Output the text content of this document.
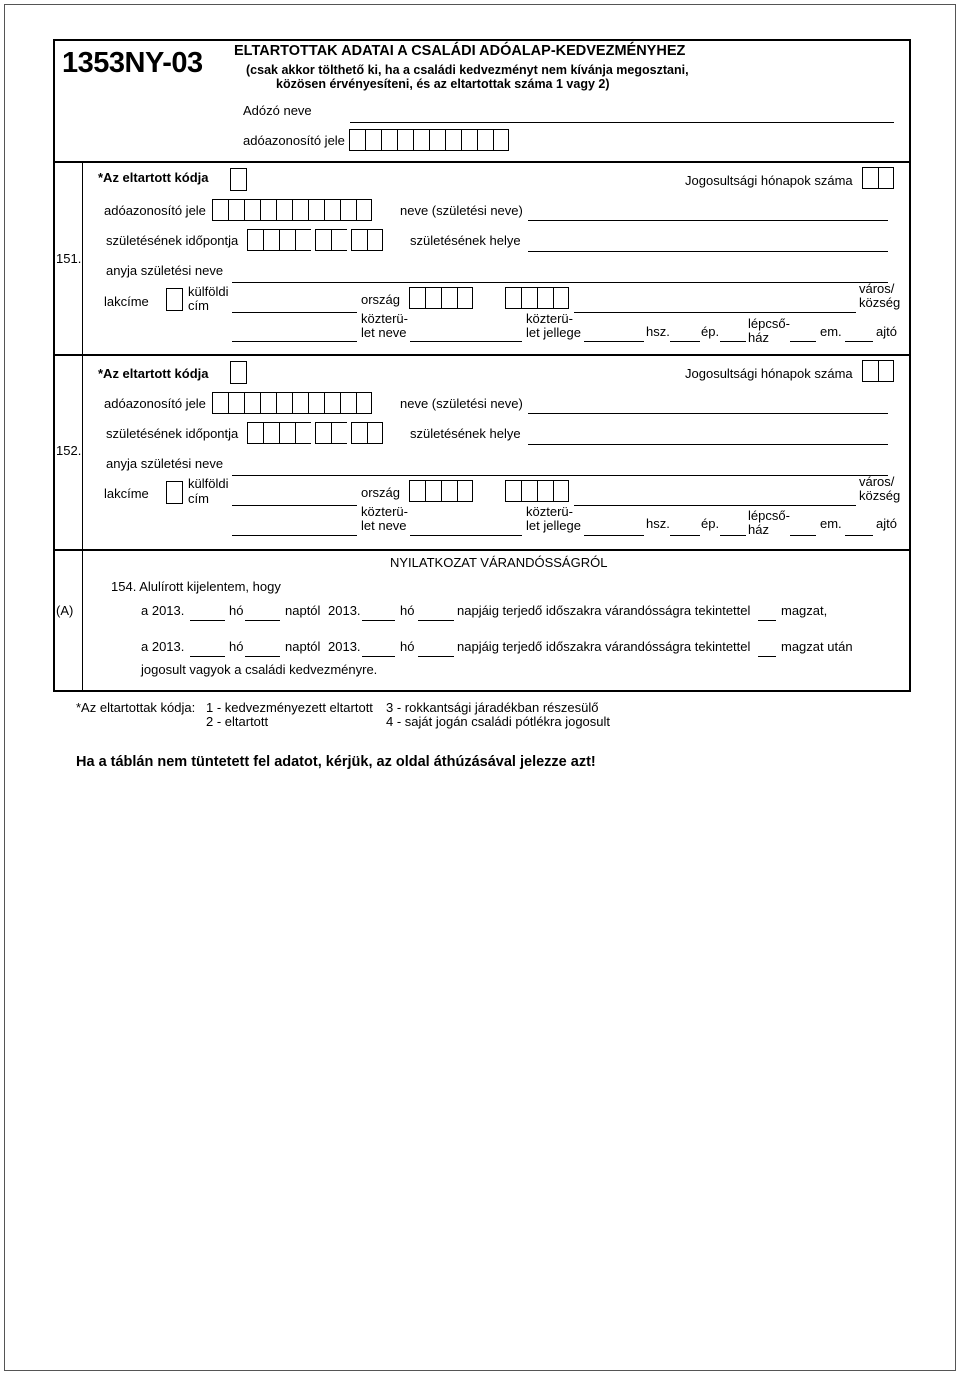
1353NY-03 ELTARTOTTAK ADATAI A CSALÁDI ADÓALAP-KEDVEZMÉNYHEZ
(csak akkor tölthető ki, ha a családi kedvezményt nem kívánja megosztani,
közösen érvényesíteni, és az eltartottak száma 1 vagy 2)
Adózó neve
adóazonosító jele
151.
*Az eltartott kódja	Jogosultsági hónapok száma
adóazonosító jele	neve (születési neve)
születésének időpontja	születésének helye
anyja születési neve
lakcíme
külföldi
cím	ország
város/
község
közterü-
let neve
közterü-
let jellege	hsz. ép.
lépcső-
ház	em.	ajtó
152.
*Az eltartott kódja	Jogosultsági hónapok száma
adóazonosító jele	neve (születési neve)
születésének időpontja	születésének helye
anyja születési neve
lakcíme
külföldi
cím	ország
város/
község
közterü-
let neve
közterü-
let jellege	hsz. ép.
lépcső-
ház	em.	ajtó
NYILATKOZAT VÁRANDÓSSÁGRÓL
154. Alulírott kijelentem, hogy
(A)	a 2013.	hó	naptól 2013.	hó	napjáig terjedő időszakra várandósságra tekintettel magzat,
a 2013.	hó	naptól 2013.	hó	napjáig terjedő időszakra várandósságra tekintettel magzat után
jogosult vagyok a családi kedvezményre.
*Az eltartottak kódja: 1 - kedvezményezett eltartott
2 - eltartott
3 - rokkantsági járadékban részesülő
4 - saját jogán családi pótlékra jogosult
Ha a táblán nem tüntetett fel adatot, kérjük, az oldal áthúzásával jelezze azt!
